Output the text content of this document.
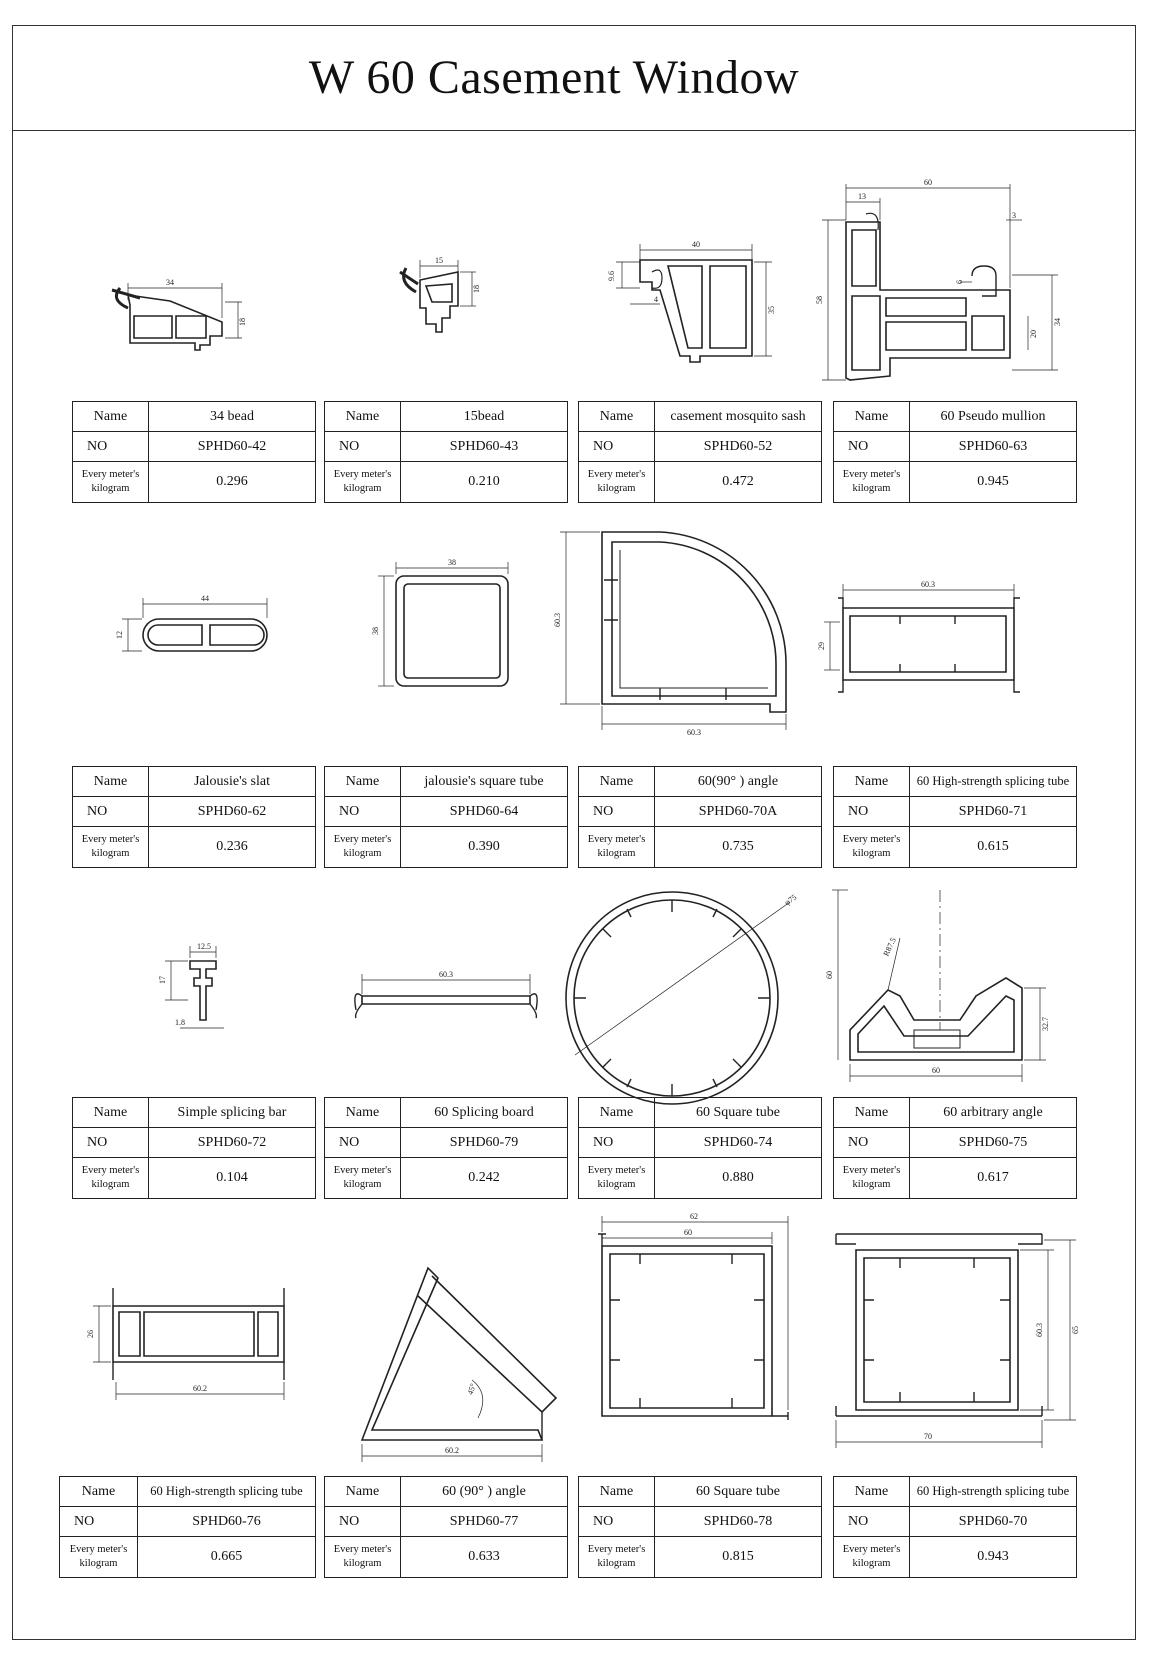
W 60 Casement Window
34
18
15
18
40
9.6
4
35
60
13
3
6
34
20
58
44
12
38
38
60.3
60.3
60.3
29
12.5
17
1.8
60.3
φ75
60
R87.5
32.7
60
26
60.2	45°
60.2
62
60
60.3	65
70
Name	34 bead
NO	SPHD60-42

Every meter's
kilogram	0.296
Name	15bead
NO	SPHD60-43

Every meter's
kilogram	0.210
Name	casement mosquito sash
NO	SPHD60-52

Every meter's
kilogram	0.472
Name	60 Pseudo mullion
NO	SPHD60-63

Every meter's
kilogram	0.945
Name	Jalousie's slat
NO	SPHD60-62

Every meter's
kilogram	0.236
Name	jalousie's square tube
NO	SPHD60-64

Every meter's
kilogram	0.390
Name	60(90° ) angle
NO	SPHD60-70A

Every meter's
kilogram	0.735
Name	60 High-strength splicing tube
NO	SPHD60-71

Every meter's
kilogram	0.615
Name	Simple splicing bar
NO	SPHD60-72

Every meter's
kilogram	0.104
Name	60 Splicing board
NO	SPHD60-79

Every meter's
kilogram	0.242
Name	60 Square tube
NO	SPHD60-74

Every meter's
kilogram	0.880
Name	60 arbitrary angle
NO	SPHD60-75

Every meter's
kilogram	0.617
Name	60 High-strength splicing tube
NO	SPHD60-76

Every meter's
kilogram	0.665
Name	60 (90° ) angle
NO	SPHD60-77

Every meter's
kilogram	0.633
Name	60 Square tube
NO	SPHD60-78

Every meter's
kilogram	0.815
Name	60 High-strength splicing tube
NO	SPHD60-70

Every meter's
kilogram	0.943
